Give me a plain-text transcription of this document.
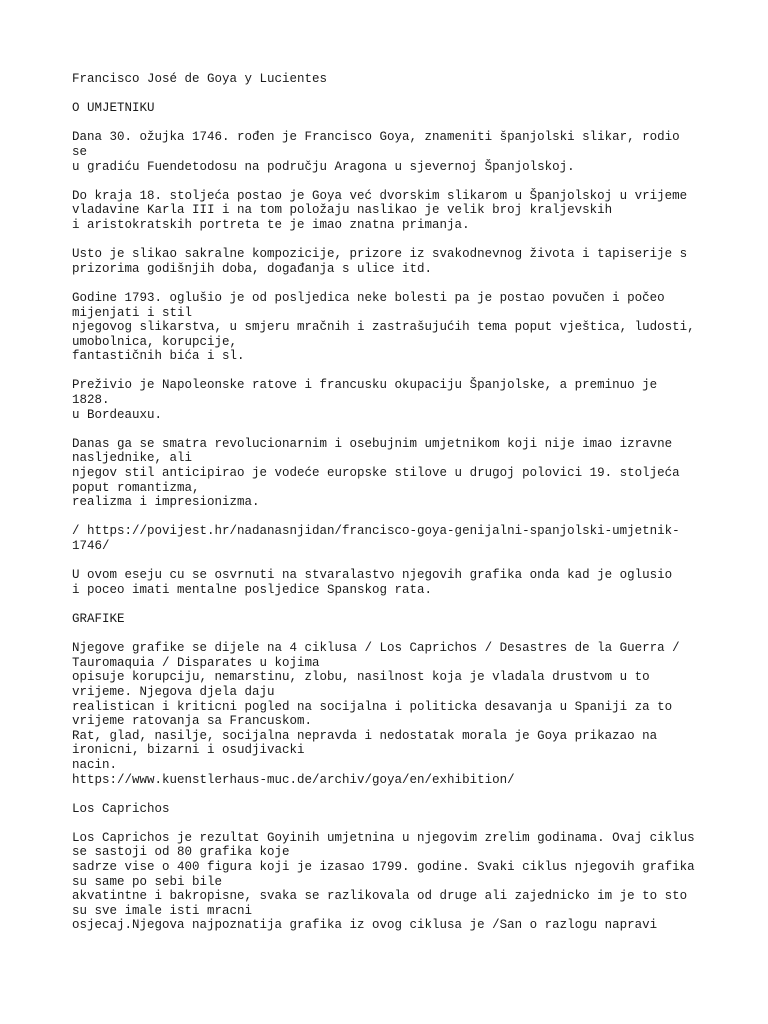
Francisco José de Goya y Lucientes
O UMJETNIKU
Dana 30. ožujka 1746. rođen je Francisco Goya, znameniti španjolski slikar, rodio
se
u gradiću Fuendetodosu na području Aragona u sjevernoj Španjolskoj.
Do kraja 18. stoljeća postao je Goya već dvorskim slikarom u Španjolskoj u vrijeme
vladavine Karla III i na tom položaju naslikao je velik broj kraljevskih
i aristokratskih portreta te je imao znatna primanja.
Usto je slikao sakralne kompozicije, prizore iz svakodnevnog života i tapiserije s
prizorima godišnjih doba, događanja s ulice itd.
Godine 1793. oglušio je od posljedica neke bolesti pa je postao povučen i počeo
mijenjati i stil
njegovog slikarstva, u smjeru mračnih i zastrašujućih tema poput vještica, ludosti,
umobolnica, korupcije,
fantastičnih bića i sl.
Preživio je Napoleonske ratove i francusku okupaciju Španjolske, a preminuo je
1828.
u Bordeauxu.
Danas ga se smatra revolucionarnim i osebujnim umjetnikom koji nije imao izravne
nasljednike, ali
njegov stil anticipirao je vodeće europske stilove u drugoj polovici 19. stoljeća
poput romantizma,
realizma i impresionizma.
/ https://povijest.hr/nadanasnjidan/francisco-goya-genijalni-spanjolski-umjetnik-
1746/
U ovom eseju cu se osvrnuti na stvaralastvo njegovih grafika onda kad je oglusio
i poceo imati mentalne posljedice Spanskog rata.
GRAFIKE
Njegove grafike se dijele na 4 ciklusa / Los Caprichos / Desastres de la Guerra /
Tauromaquia / Disparates u kojima
opisuje korupciju, nemarstinu, zlobu, nasilnost koja je vladala drustvom u to
vrijeme. Njegova djela daju
realistican i kriticni pogled na socijalna i politicka desavanja u Spaniji za to
vrijeme ratovanja sa Francuskom.
Rat, glad, nasilje, socijalna nepravda i nedostatak morala je Goya prikazao na
ironicni, bizarni i osudjivacki
nacin.
https://www.kuenstlerhaus-muc.de/archiv/goya/en/exhibition/
Los Caprichos
Los Caprichos je rezultat Goyinih umjetnina u njegovim zrelim godinama. Ovaj ciklus
se sastoji od 80 grafika koje
sadrze vise o 400 figura koji je izasao 1799. godine. Svaki ciklus njegovih grafika
su same po sebi bile
akvatintne i bakropisne, svaka se razlikovala od druge ali zajednicko im je to sto
su sve imale isti mracni
osjecaj.Njegova najpoznatija grafika iz ovog ciklusa je /San o razlogu napravi
